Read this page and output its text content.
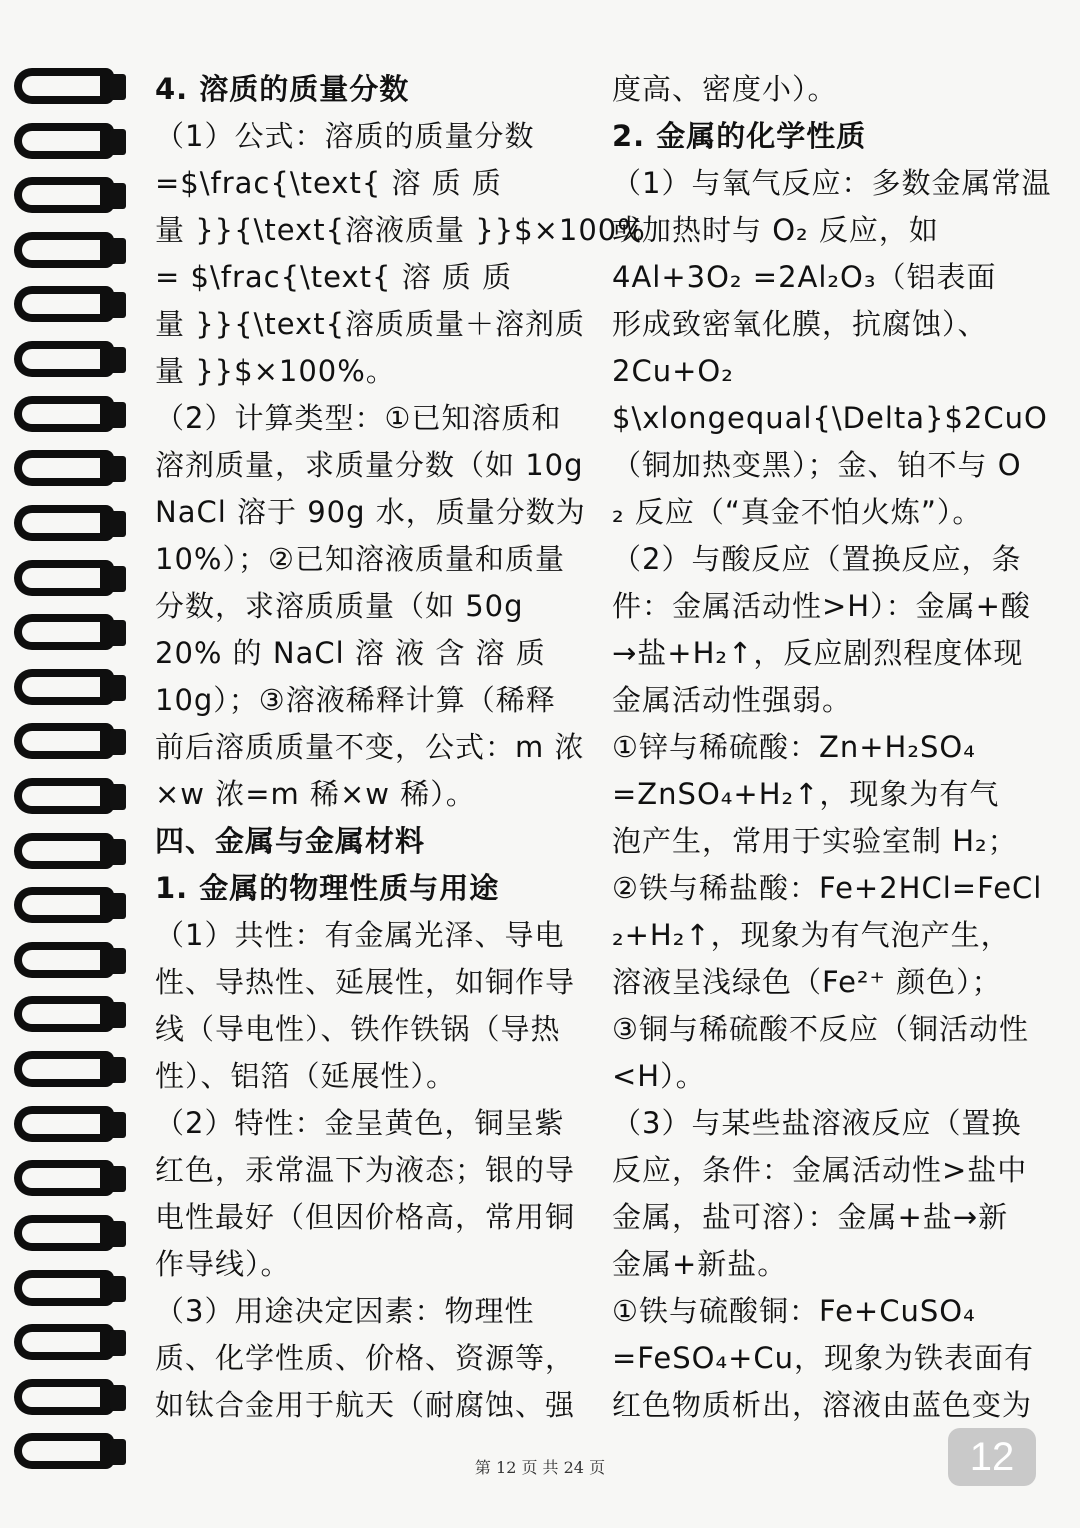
4. 溶质的质量分数
（1）公式：溶质的质量分数
=$\frac{\text{ 溶 质 质
量 }}{\text{溶液质量 }}$×100%
= $\frac{\text{ 溶 质 质
量 }}{\text{溶质质量＋溶剂质
量 }}$×100%。
（2）计算类型：①已知溶质和
溶剂质量，求质量分数（如 10g
NaCl 溶于 90g 水，质量分数为
10%）；②已知溶液质量和质量
分数，求溶质质量（如 50g
20% 的 NaCl 溶 液 含 溶 质
10g）；③溶液稀释计算（稀释
前后溶质质量不变，公式：m 浓
×w 浓=m 稀×w 稀）。
四、金属与金属材料
1. 金属的物理性质与用途
（1）共性：有金属光泽、导电
性、导热性、延展性，如铜作导
线（导电性）、铁作铁锅（导热
性）、铝箔（延展性）。
（2）特性：金呈黄色，铜呈紫
红色，汞常温下为液态；银的导
电性最好（但因价格高，常用铜
作导线）。
（3）用途决定因素：物理性
质、化学性质、价格、资源等，
如钛合金用于航天（耐腐蚀、强
度高、密度小）。
2. 金属的化学性质
（1）与氧气反应：多数金属常温
或加热时与 O₂ 反应，如
4Al+3O₂ =2Al₂O₃（铝表面
形成致密氧化膜，抗腐蚀）、
2Cu+O₂
$\xlongequal{\Delta}$2CuO
（铜加热变黑）；金、铂不与 O
₂ 反应（“真金不怕火炼”）。
（2）与酸反应（置换反应，条
件：金属活动性>H）：金属+酸
→盐+H₂↑，反应剧烈程度体现
金属活动性强弱。
①锌与稀硫酸：Zn+H₂SO₄
=ZnSO₄+H₂↑，现象为有气
泡产生，常用于实验室制 H₂；
②铁与稀盐酸：Fe+2HCl=FeCl
₂+H₂↑，现象为有气泡产生，
溶液呈浅绿色（Fe²⁺ 颜色）；
③铜与稀硫酸不反应（铜活动性
<H）。
（3）与某些盐溶液反应（置换
反应，条件：金属活动性>盐中
金属，盐可溶）：金属+盐→新
金属+新盐。
①铁与硫酸铜：Fe+CuSO₄
=FeSO₄+Cu，现象为铁表面有
红色物质析出，溶液由蓝色变为
第 12 页 共 24 页	12
